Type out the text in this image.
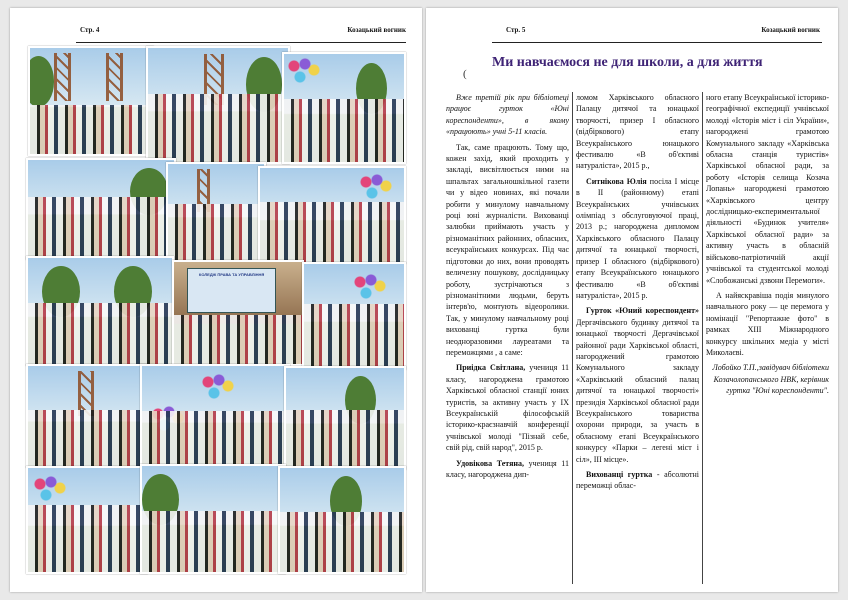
Стр. 4	Козацький вогник
КОЛЕДЖ ПРАВА ТА УПРАВЛІННЯ
Стр. 5	Козацький вогник
Ми навчаємося не для школи, а для життя
(

Вже третій рік при бібліотеці працює гурток «Юні кореспонденти», в якому «працюють» учні 5-11 класів.

Так, саме працюють. Тому що, кожен захід, який проходить у закладі, висвітлюється ними на шпальтах загальношкільної газети чи у відео новинах, які почали робити у минулому навчальному році юні журналісти. Вихованці залюбки приймають участь у різноманітних районних, обласних, всеукраїнських конкурсах. Під час підготовки до них, вони проводять величезну пошукову, дослідницьку роботу, зустрічаються з різноманітними людьми, беруть інтерв'ю, монтують відеоролики. Так, у минулому навчальному році вихованці гуртка були неодноразовими лауреатами та переможцями , а саме:

Приідка Світлана, учениця 11 класу, нагороджена грамотою Харківської обласної станції юних туристів, за активну участь у IX Всеукраїнській філософській історико-краєзнавчій конференції учнівської молоді "Пізнай себе, свій рід, свій народ", 2015 р.

Удовікова Тетяна, учениця 11 класу, нагороджена дип-

ломом Харківського обласного Палацу дитячої та юнацької творчості, призер І обласного (відбіркового) етапу Всеукраїнського юнацького фестивалю «В об'єктиві натураліста», 2015 р.,

Ситнікова Юлія посіла І місце в ІІ (районному) етапі Всеукраїнських учнівських олімпіад з обслуговуючої праці, 2013 р.; нагороджена дипломом Харківського обласного Палацу дитячої та юнацької творчості, призер І обласного (відбіркового) етапу Всеукраїнського юнацького фестивалю «В об'єктиві натураліста», 2015 р.

Гурток «Юний кореспондент» Дергачівського будинку дитячої та юнацької творчості Дергачівської районної ради Харківської області, нагороджений грамотою Комунального закладу «Харківський обласний палац дитячої та юнацької творчості» президія Харківської обласної ради Всеукраїнського товариства охорони природи, за участь в обласному етапі Всеукраїнського конкурсу «Парки – легені міст і сіл», ІІІ місце».

Вихованці гуртка - абсолютні переможці облас-

ного етапу Всеукраїнської історико-географічної експедиції учнівської молоді «Історія міст і сіл України», нагороджені грамотою Комунального закладу «Харківська обласна станція туристів» Харківської обласної ради, за роботу «Історія селища Козача Лопань» нагороджені грамотою «Харківського центру дослідницько-експериментальної діяльності «Будинок учителя» Харківської обласної ради» за активну участь в обласній військово-патріотичній акції учнівської та студентської молоді «Слобожанські дзвони Перемоги».

А найяскравіша подія минулого навчального року — це перемога у номінації "Репортажне фото" в рамках ХІІІ Міжнародного конкурсу шкільних медіа у місті Миколаєві.

Лобойко Т.П.,завідувач бібліотеки Козачолопанського НВК, керівник гуртка "Юні кореспонденти".
